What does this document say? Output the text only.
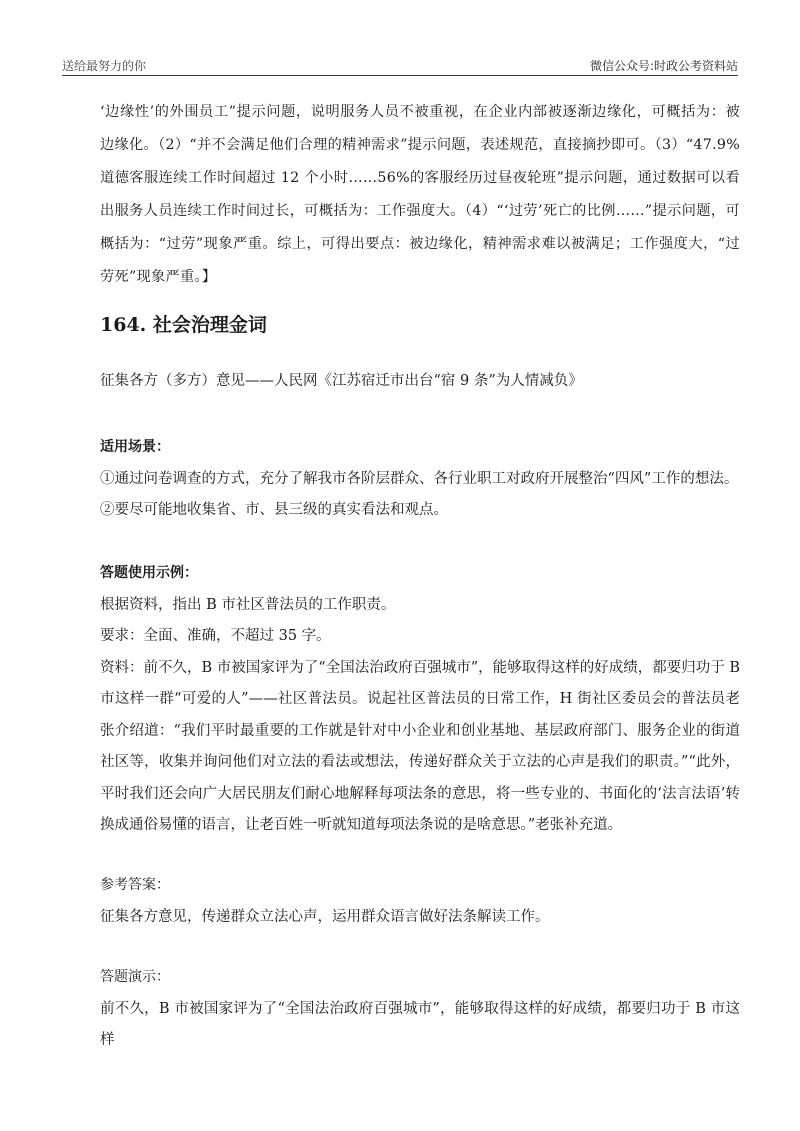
送给最努力的你	微信公众号:时政公考资料站

‘边缘性’的外围员工”提示问题，说明服务人员不被重视，在企业内部被逐渐边缘化，可概括为：被边缘化。（2）“并不会满足他们合理的精神需求”提示问题，表述规范，直接摘抄即可。（3）“47.9%道德客服连续工作时间超过 12 个小时……56%的客服经历过昼夜轮班”提示问题，通过数据可以看出服务人员连续工作时间过长，可概括为：工作强度大。（4）“‘过劳’死亡的比例……”提示问题，可概括为：“过劳”现象严重。综上，可得出要点：被边缘化，精神需求难以被满足；工作强度大，“过劳死”现象严重。】

164. 社会治理金词
征集各方（多方）意见——人民网《江苏宿迁市出台“宿 9 条”为人情减负》

适用场景：

①通过问卷调查的方式，充分了解我市各阶层群众、各行业职工对政府开展整治“四风”工作的想法。

②要尽可能地收集省、市、县三级的真实看法和观点。

答题使用示例：

根据资料，指出 B 市社区普法员的工作职责。

要求：全面、准确，不超过 35 字。

资料：前不久，B 市被国家评为了“全国法治政府百强城市”，能够取得这样的好成绩，都要归功于 B 市这样一群“可爱的人”——社区普法员。说起社区普法员的日常工作，H 街社区委员会的普法员老张介绍道：“我们平时最重要的工作就是针对中小企业和创业基地、基层政府部门、服务企业的街道社区等，收集并询问他们对立法的看法或想法，传递好群众关于立法的心声是我们的职责。”“此外，平时我们还会向广大居民朋友们耐心地解释每项法条的意思，将一些专业的、书面化的‘法言法语’转换成通俗易懂的语言，让老百姓一听就知道每项法条说的是啥意思。”老张补充道。

参考答案：

征集各方意见，传递群众立法心声，运用群众语言做好法条解读工作。

答题演示：

前不久，B 市被国家评为了“全国法治政府百强城市”，能够取得这样的好成绩，都要归功于 B 市这样
